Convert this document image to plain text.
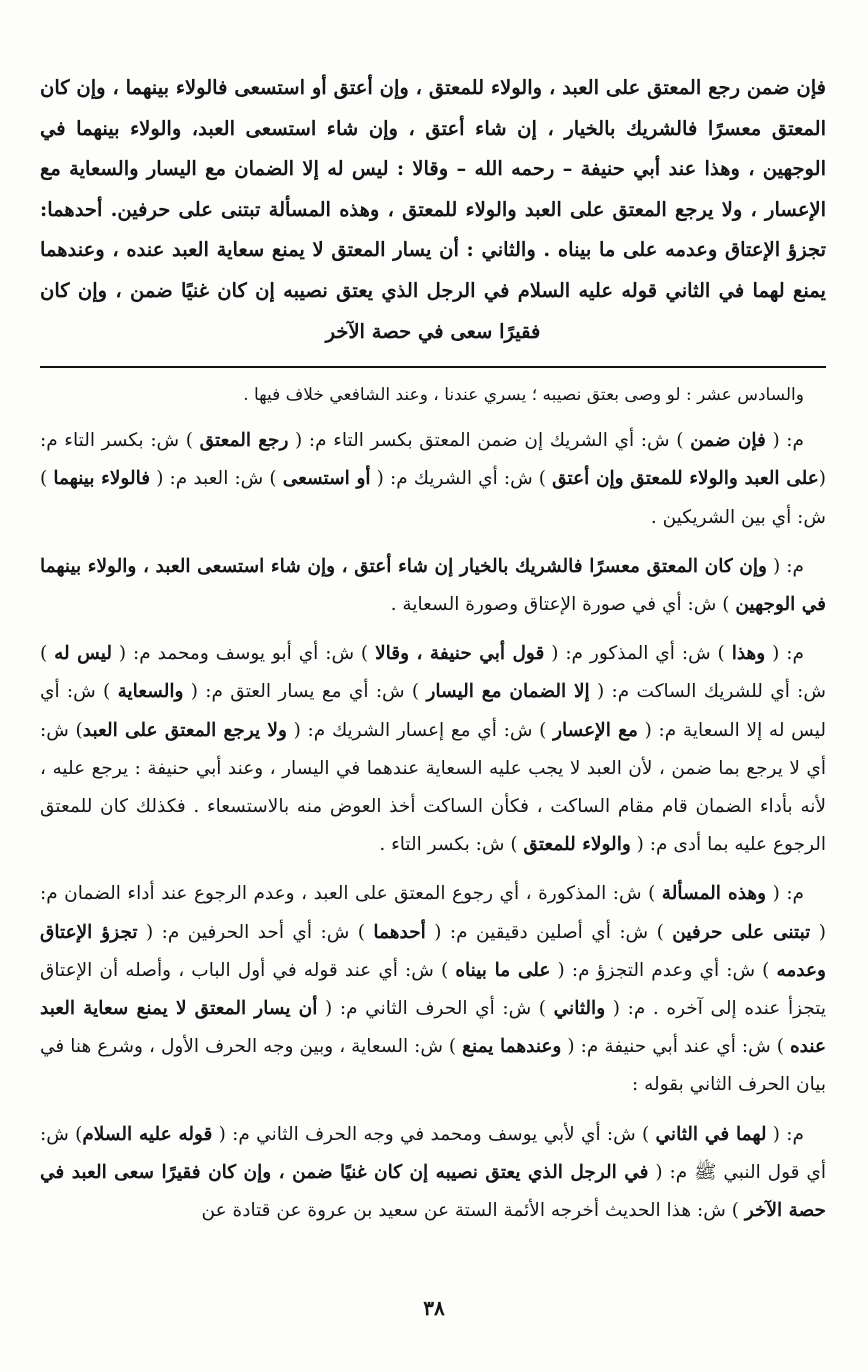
فإن ضمن رجع المعتق على العبد ، والولاء للمعتق ، وإن أعتق أو استسعى فالولاء بينهما ، وإن كان المعتق معسرًا فالشريك بالخيار ، إن شاء أعتق ، وإن شاء استسعى العبد، والولاء بينهما في الوجهين ، وهذا عند أبي حنيفة – رحمه الله – وقالا : ليس له إلا الضمان مع اليسار والسعاية مع الإعسار ، ولا يرجع المعتق على العبد والولاء للمعتق ، وهذه المسألة تبتنى على حرفين. أحدهما: تجزؤ الإعتاق وعدمه على ما بيناه . والثاني : أن يسار المعتق لا يمنع سعاية العبد عنده ، وعندهما يمنع لهما في الثاني قوله عليه السلام في الرجل الذي يعتق نصيبه إن كان غنيًا ضمن ، وإن كان فقيرًا سعى في حصة الآخر

والسادس عشر : لو وصى بعتق نصيبه ؛ يسري عندنا ، وعند الشافعي خلاف فيها .

م: ( فإن ضمن ) ش: أي الشريك إن ضمن المعتق بكسر التاء م: ( رجع المعتق ) ش: بكسر التاء م: (على العبد والولاء للمعتق وإن أعتق ) ش: أي الشريك م: ( أو استسعى ) ش: العبد م: ( فالولاء بينهما ) ش: أي بين الشريكين .

م: ( وإن كان المعتق معسرًا فالشريك بالخيار إن شاء أعتق ، وإن شاء استسعى العبد ، والولاء بينهما في الوجهين ) ش: أي في صورة الإعتاق وصورة السعاية .

م: ( وهذا ) ش: أي المذكور م: ( قول أبي حنيفة ، وقالا ) ش: أي أبو يوسف ومحمد م: ( ليس له ) ش: أي للشريك الساكت م: ( إلا الضمان مع اليسار ) ش: أي مع يسار العتق م: ( والسعاية ) ش: أي ليس له إلا السعاية م: ( مع الإعسار ) ش: أي مع إعسار الشريك م: ( ولا يرجع المعتق على العبد) ش: أي لا يرجع بما ضمن ، لأن العبد لا يجب عليه السعاية عندهما في اليسار ، وعند أبي حنيفة : يرجع عليه ، لأنه بأداء الضمان قام مقام الساكت ، فكأن الساكت أخذ العوض منه بالاستسعاء . فكذلك كان للمعتق الرجوع عليه بما أدى م: ( والولاء للمعتق ) ش: بكسر التاء .

م: ( وهذه المسألة ) ش: المذكورة ، أي رجوع المعتق على العبد ، وعدم الرجوع عند أداء الضمان م: ( تبتنى على حرفين ) ش: أي أصلين دقيقين م: ( أحدهما ) ش: أي أحد الحرفين م: ( تجزؤ الإعتاق وعدمه ) ش: أي وعدم التجزؤ م: ( على ما بيناه ) ش: أي عند قوله في أول الباب ، وأصله أن الإعتاق يتجزأ عنده إلى آخره . م: ( والثاني ) ش: أي الحرف الثاني م: ( أن يسار المعتق لا يمنع سعاية العبد عنده ) ش: أي عند أبي حنيفة م: ( وعندهما يمنع ) ش: السعاية ، وبين وجه الحرف الأول ، وشرع هنا في بيان الحرف الثاني بقوله :

م: ( لهما في الثاني ) ش: أي لأبي يوسف ومحمد في وجه الحرف الثاني م: ( قوله عليه السلام) ش: أي قول النبي ﷺ م: ( في الرجل الذي يعتق نصيبه إن كان غنيًا ضمن ، وإن كان فقيرًا سعى العبد في حصة الآخر ) ش: هذا الحديث أخرجه الأئمة الستة عن سعيد بن عروة عن قتادة عن

٣٨
